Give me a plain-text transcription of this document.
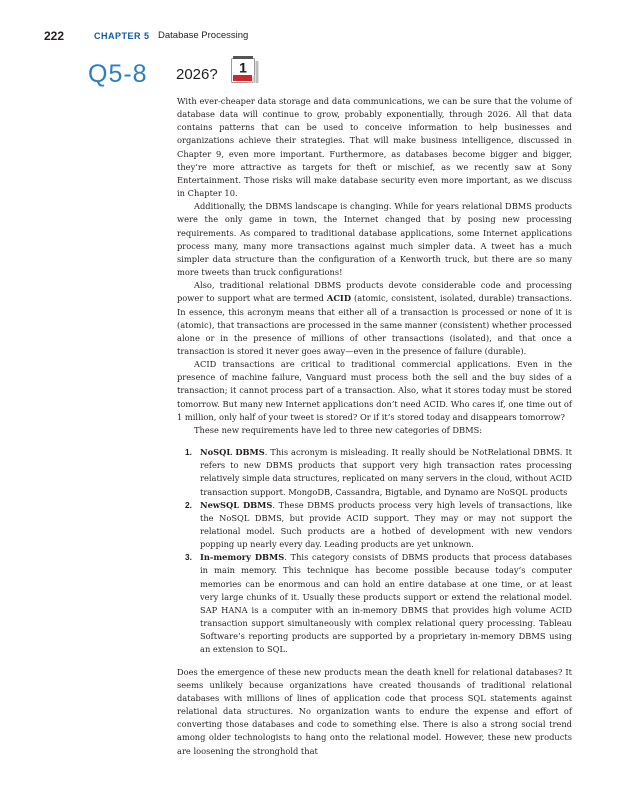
222	CHAPTER 5 Database Processing
Q5-8 2026? 1

With ever-cheaper data storage and data communications, we can be sure that the volume of database data will continue to grow, probably exponentially, through 2026. All that data contains patterns that can be used to conceive information to help businesses and organizations achieve their strategies. That will make business intelligence, discussed in Chapter 9, even more important. Furthermore, as databases become bigger and bigger, they’re more attractive as targets for theft or mischief, as we recently saw at Sony Entertainment. Those risks will make database security even more important, as we discuss in Chapter 10.

Additionally, the DBMS landscape is changing. While for years relational DBMS products were the only game in town, the Internet changed that by posing new processing requirements. As compared to traditional database applications, some Internet applications process many, many more transactions against much simpler data. A tweet has a much simpler data structure than the configuration of a Kenworth truck, but there are so many more tweets than truck configurations!

Also, traditional relational DBMS products devote considerable code and processing power to support what are termed ACID (atomic, consistent, isolated, durable) transactions. In essence, this acronym means that either all of a transaction is processed or none of it is (atomic), that transactions are processed in the same manner (consistent) whether processed alone or in the presence of millions of other transactions (isolated), and that once a transaction is stored it never goes away—even in the presence of failure (durable).

ACID transactions are critical to traditional commercial applications. Even in the presence of machine failure, Vanguard must process both the sell and the buy sides of a transaction; it cannot process part of a transaction. Also, what it stores today must be stored tomorrow. But many new Internet applications don’t need ACID. Who cares if, one time out of 1 million, only half of your tweet is stored? Or if it’s stored today and disappears tomorrow?

These new requirements have led to three new categories of DBMS:

1. NoSQL DBMS. This acronym is misleading. It really should be NotRelational DBMS. It refers to new DBMS products that support very high transaction rates processing relatively simple data structures, replicated on many servers in the cloud, without ACID transaction support. MongoDB, Cassandra, Bigtable, and Dynamo are NoSQL products
2. NewSQL DBMS. These DBMS products process very high levels of transactions, like the NoSQL DBMS, but provide ACID support. They may or may not support the relational model. Such products are a hotbed of development with new vendors popping up nearly every day. Leading products are yet unknown.
3. In-memory DBMS. This category consists of DBMS products that process databases in main memory. This technique has become possible because today’s computer memories can be enormous and can hold an entire database at one time, or at least very large chunks of it. Usually these products support or extend the relational model. SAP HANA is a computer with an in-memory DBMS that provides high volume ACID transaction support simultaneously with complex relational query processing. Tableau Software’s reporting products are supported by a proprietary in-memory DBMS using an extension to SQL.

Does the emergence of these new products mean the death knell for relational databases? It seems unlikely because organizations have created thousands of traditional relational databases with millions of lines of application code that process SQL statements against relational data structures. No organization wants to endure the expense and effort of converting those databases and code to something else. There is also a strong social trend among older technologists to hang onto the relational model. However, these new products are loosening the stronghold that
